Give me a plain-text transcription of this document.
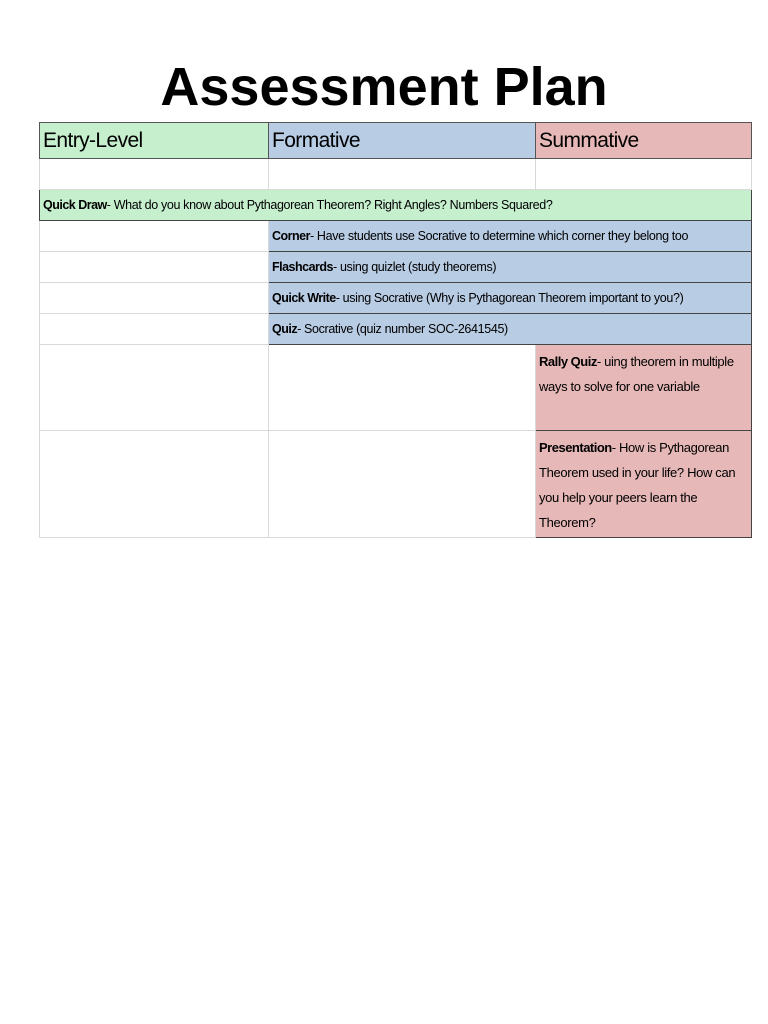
Assessment Plan
Entry-Level	Formative	Summative

Quick Draw- What do you know about Pythagorean Theorem? Right Angles? Numbers Squared?		
	Corner- Have students use Socrative to determine which corner they belong too	
	Flashcards- using quizlet (study theorems)	
	Quick Write- using Socrative (Why is Pythagorean Theorem important to you?)	
	Quiz- Socrative (quiz number SOC-2641545)	
		Rally Quiz- uing theorem in multiple ways to solve for one variable
		Presentation- How is Pythagorean Theorem used in your life? How can you help your peers learn the Theorem?
